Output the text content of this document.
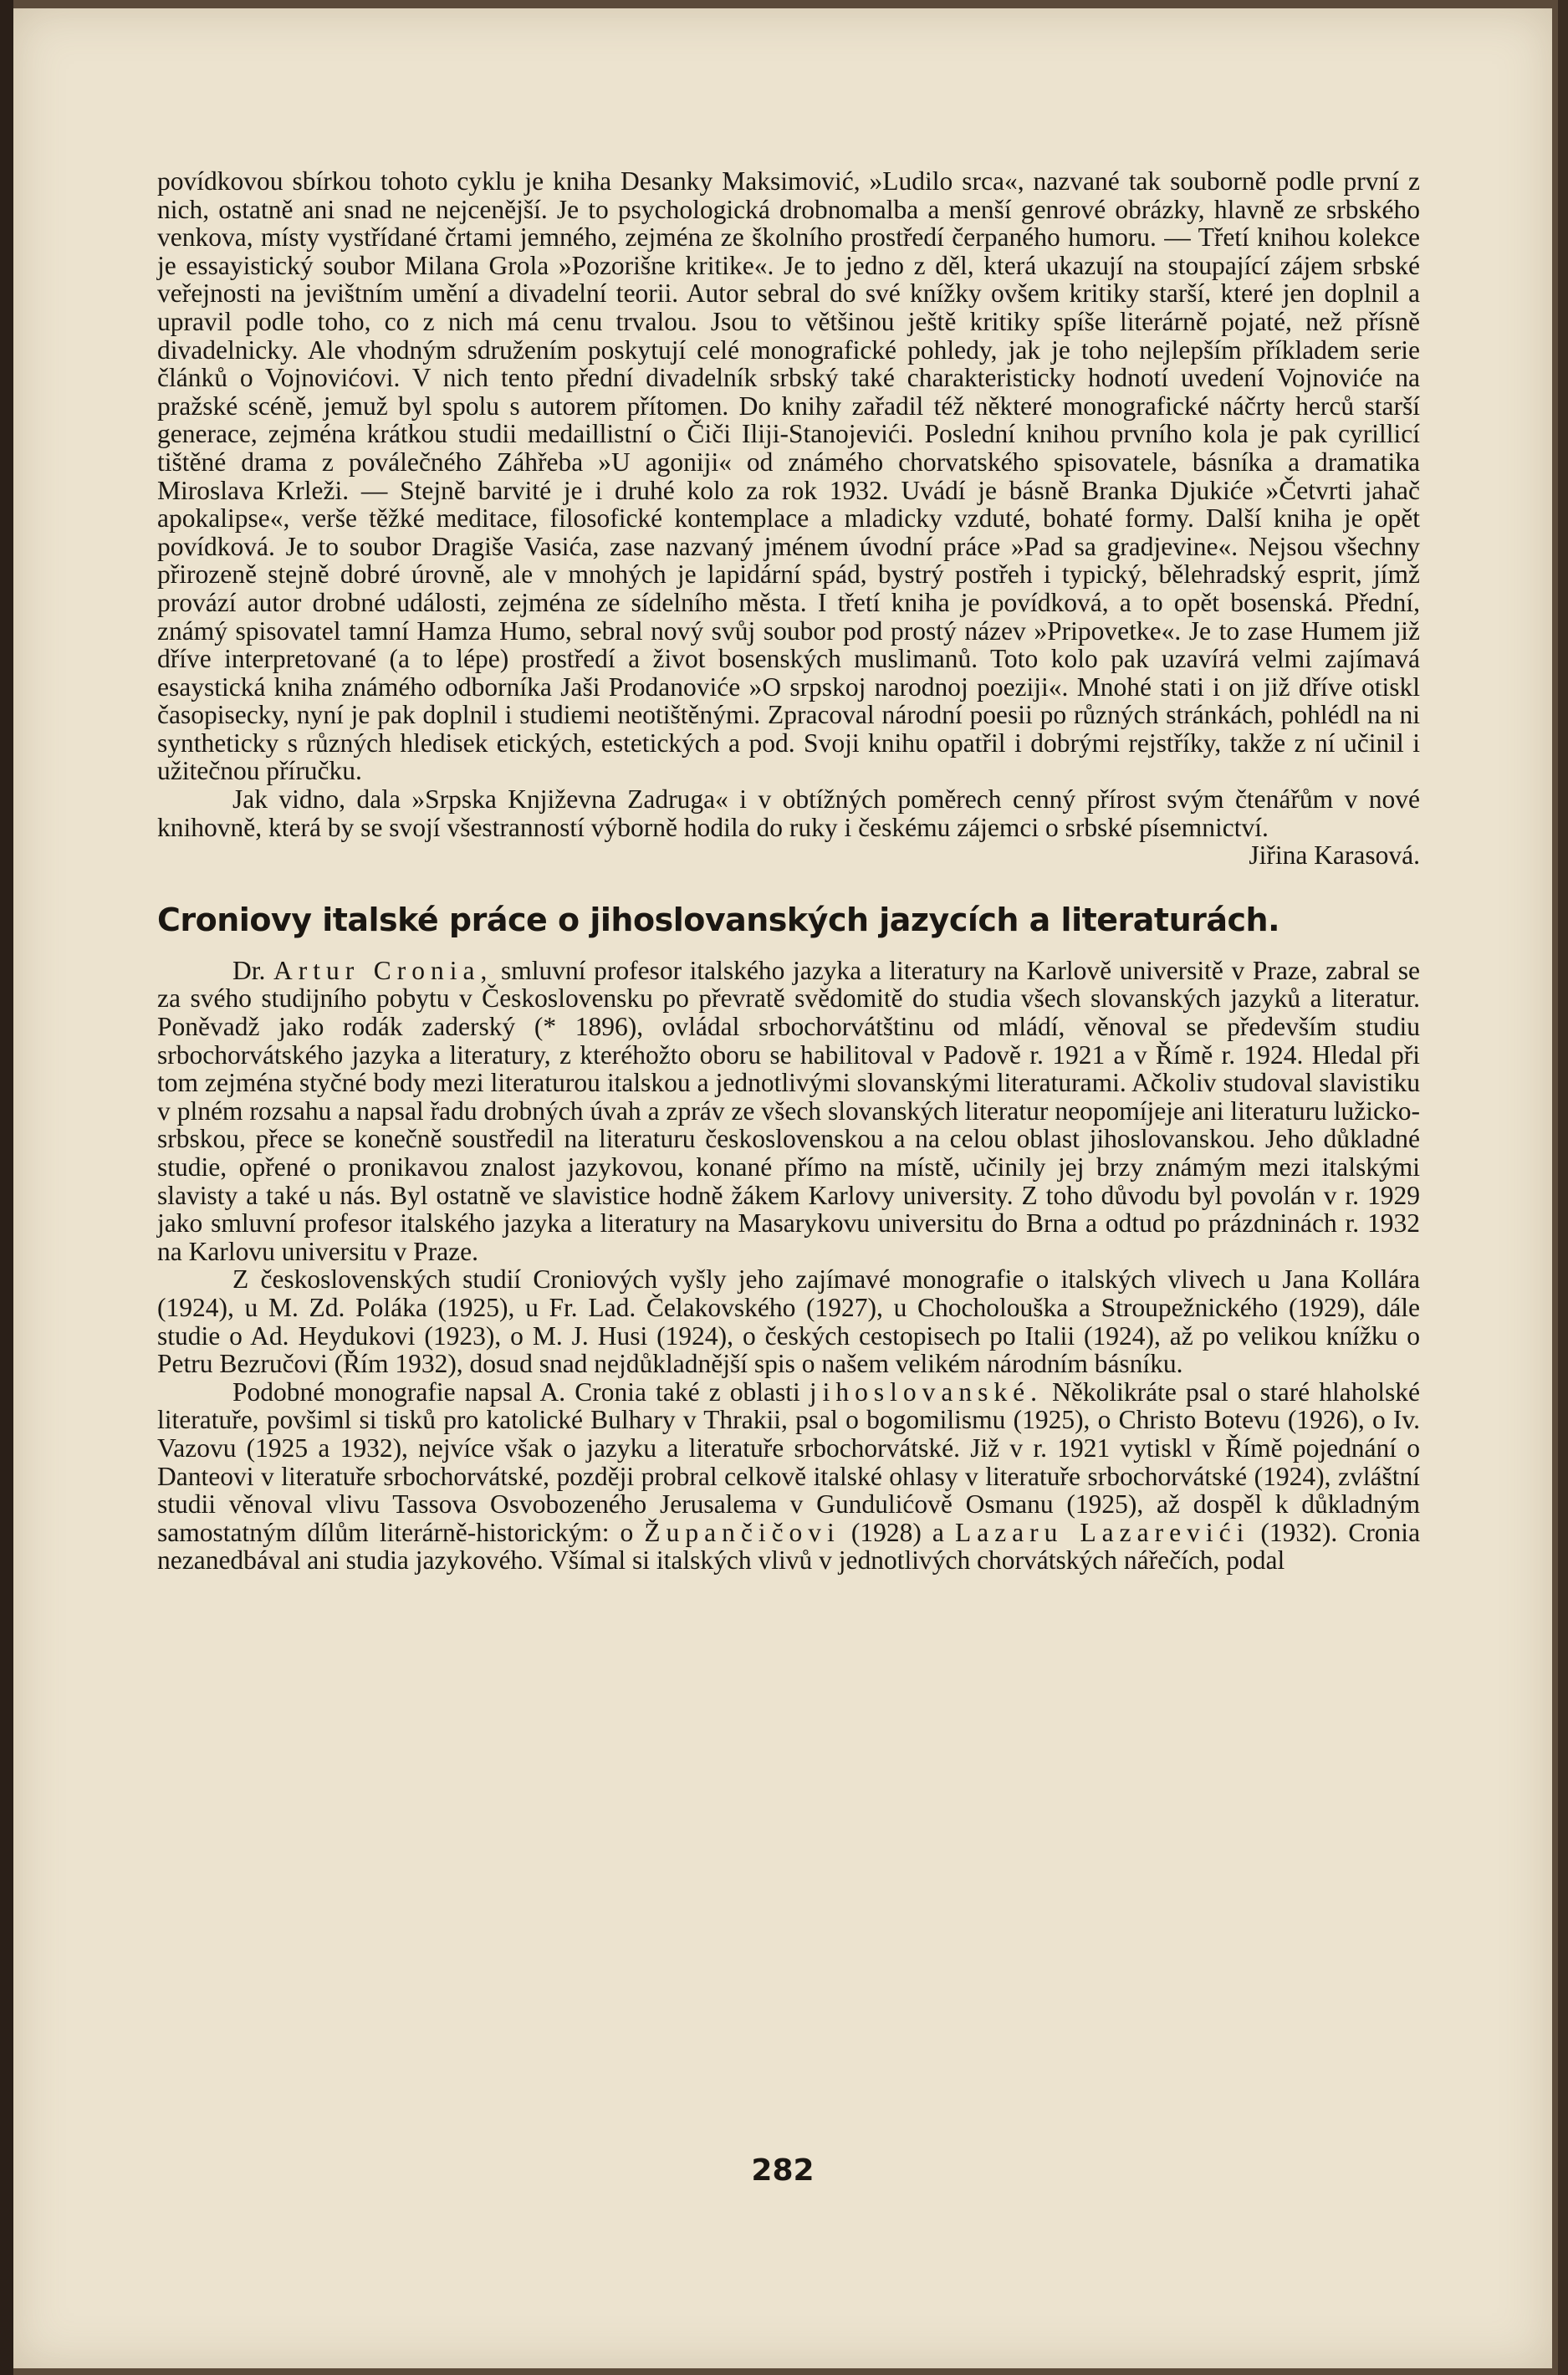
povídkovou sbírkou tohoto cyklu je kniha Desanky Maksimović, »Ludilo srca«, nazvané tak souborně podle první z nich, ostatně ani snad ne nejcenější. Je to psychologická drobnomalba a menší genrové obrázky, hlavně ze srbského venkova, místy vystřídané črtami jemného, zejména ze školního prostředí čerpaného humoru. — Třetí knihou kolekce je essayistický soubor Milana Grola »Pozorišne kritike«. Je to jedno z děl, která ukazují na stoupající zájem srbské veřejnosti na jevištním umění a divadelní teorii. Autor sebral do své knížky ovšem kritiky starší, které jen doplnil a upravil podle toho, co z nich má cenu trvalou. Jsou to většinou ještě kritiky spíše literárně pojaté, než přísně divadelnicky. Ale vhodným sdružením poskytují celé monografické pohledy, jak je toho nejlepším příkladem serie článků o Vojnovićovi. V nich tento přední divadelník srbský také charakteristicky hodnotí uvedení Vojnoviće na pražské scéně, jemuž byl spolu s autorem přítomen. Do knihy zařadil též některé monografické náčrty herců starší generace, zejména krátkou studii medaillistní o Čiči Iliji-Stanojevići. Poslední knihou prvního kola je pak cyrillicí tištěné drama z poválečného Záhřeba »U agoniji« od známého chorvatského spisovatele, básníka a dramatika Miroslava Krleži. — Stejně barvité je i druhé kolo za rok 1932. Uvádí je básně Branka Djukiće »Četvrti jahač apokalipse«, verše těžké meditace, filosofické kontemplace a mladicky vzduté, bohaté formy. Další kniha je opět povídková. Je to soubor Dragiše Vasića, zase nazvaný jménem úvodní práce »Pad sa gradjevine«. Nejsou všechny přirozeně stejně dobré úrovně, ale v mnohých je lapidární spád, bystrý postřeh i typický, bělehradský esprit, jímž provází autor drobné události, zejména ze sídelního města. I třetí kniha je povídková, a to opět bosenská. Přední, známý spisovatel tamní Hamza Humo, sebral nový svůj soubor pod prostý název »Pripovetke«. Je to zase Humem již dříve interpretované (a to lépe) prostředí a život bosenských muslimanů. Toto kolo pak uzavírá velmi zajímavá esaystická kniha známého odborníka Jaši Prodanoviće »O srpskoj narodnoj poeziji«. Mnohé stati i on již dříve otiskl časopisecky, nyní je pak doplnil i studiemi neotištěnými. Zpracoval národní poesii po různých stránkách, pohlédl na ni syntheticky s různých hledisek etických, estetických a pod. Svoji knihu opatřil i dobrými rejstříky, takže z ní učinil i užitečnou příručku.

Jak vidno, dala »Srpska Književna Zadruga« i v obtížných poměrech cenný přírost svým čtenářům v nové knihovně, která by se svojí všestranností výborně hodila do ruky i českému zájemci o srbské písemnictví.
Jiřina Karasová.
Croniovy italské práce o jihoslovanských jazycích a literaturách.

Dr. Artur Cronia, smluvní profesor italského jazyka a literatury na Karlově universitě v Praze, zabral se za svého studijního pobytu v Československu po převratě svědomitě do studia všech slovanských jazyků a literatur. Poněvadž jako rodák zaderský (* 1896), ovládal srbochorvátštinu od mládí, věnoval se především studiu srbochorvátského jazyka a literatury, z kteréhožto oboru se habilitoval v Padově r. 1921 a v Římě r. 1924. Hledal při tom zejména styčné body mezi literaturou italskou a jednotlivými slovanskými literaturami. Ačkoliv studoval slavistiku v plném rozsahu a napsal řadu drobných úvah a zpráv ze všech slovanských literatur neopomíjeje ani literaturu lužicko-srbskou, přece se konečně soustředil na literaturu československou a na celou oblast jihoslovanskou. Jeho důkladné studie, opřené o pronikavou znalost jazykovou, konané přímo na místě, učinily jej brzy známým mezi italskými slavisty a také u nás. Byl ostatně ve slavistice hodně žákem Karlovy university. Z toho důvodu byl povolán v r. 1929 jako smluvní profesor italského jazyka a literatury na Masarykovu universitu do Brna a odtud po prázdninách r. 1932 na Karlovu universitu v Praze.

Z československých studií Croniových vyšly jeho zajímavé monografie o italských vlivech u Jana Kollára (1924), u M. Zd. Poláka (1925), u Fr. Lad. Čelakovského (1927), u Chocholouška a Stroupežnického (1929), dále studie o Ad. Heydukovi (1923), o M. J. Husi (1924), o českých cestopisech po Italii (1924), až po velikou knížku o Petru Bezručovi (Řím 1932), dosud snad nejdůkladnější spis o našem velikém národním básníku.

Podobné monografie napsal A. Cronia také z oblasti jihoslovanské. Několikráte psal o staré hlaholské literatuře, povšiml si tisků pro katolické Bulhary v Thrakii, psal o bogomilismu (1925), o Christo Botevu (1926), o Iv. Vazovu (1925 a 1932), nejvíce však o jazyku a literatuře srbochorvátské. Již v r. 1921 vytiskl v Římě pojednání o Danteovi v literatuře srbochorvátské, později probral celkově italské ohlasy v literatuře srbochorvátské (1924), zvláštní studii věnoval vlivu Tassova Osvobozeného Jerusalema v Gundulićově Osmanu (1925), až dospěl k důkladným samostatným dílům literárně-historickým: o Župančičovi (1928) a Lazaru Lazarevići (1932). Cronia nezanedbával ani studia jazykového. Všímal si italských vlivů v jednotlivých chorvátských nářečích, podal

282
